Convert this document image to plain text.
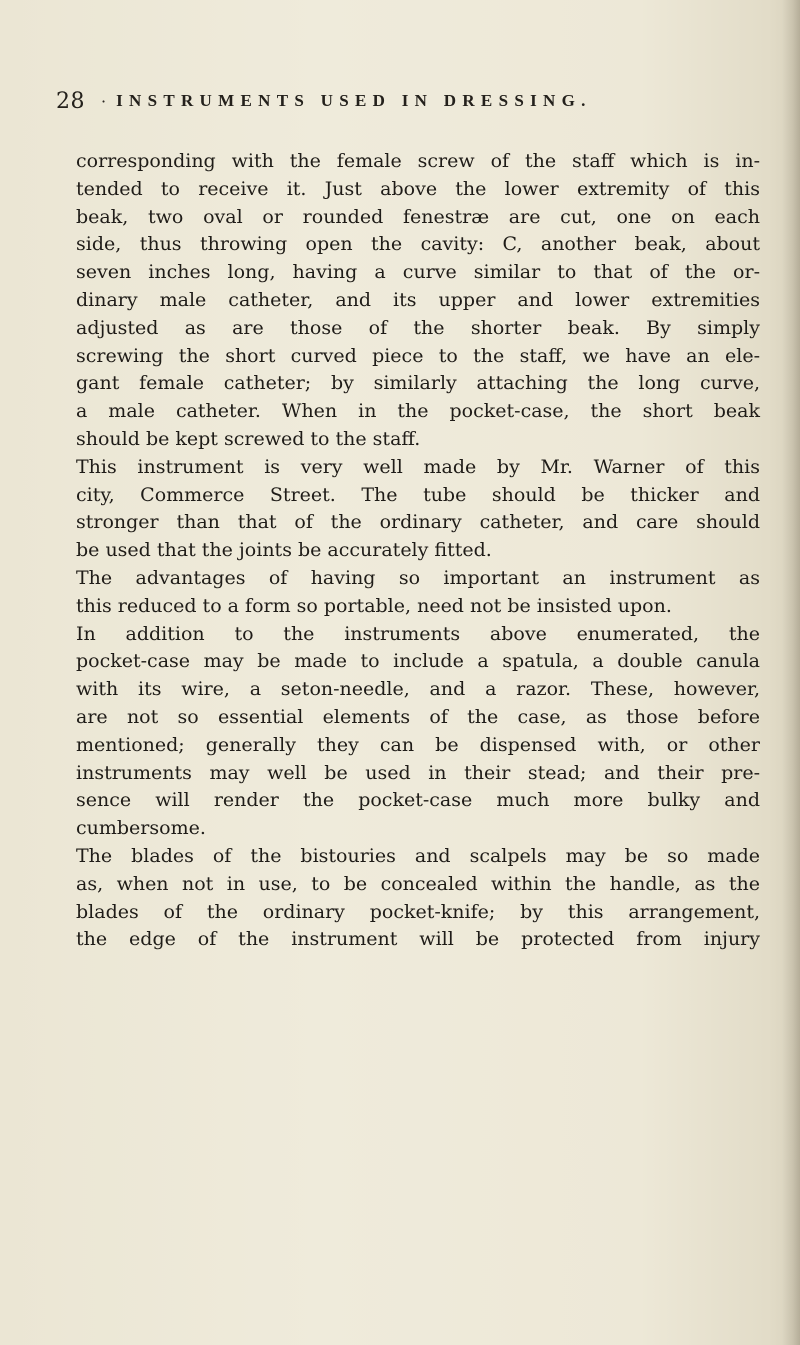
28 · INSTRUMENTS USED IN DRESSING.
corresponding with the female screw of the staff which is in-
tended to receive it. Just above the lower extremity of this
beak, two oval or rounded fenestræ are cut, one on each
side, thus throwing open the cavity: C, another beak, about
seven inches long, having a curve similar to that of the or-
dinary male catheter, and its upper and lower extremities
adjusted as are those of the shorter beak. By simply
screwing the short curved piece to the staff, we have an ele-
gant female catheter; by similarly attaching the long curve,
a male catheter. When in the pocket-case, the short beak
should be kept screwed to the staff.
This instrument is very well made by Mr. Warner of this
city, Commerce Street. The tube should be thicker and
stronger than that of the ordinary catheter, and care should
be used that the joints be accurately fitted.
The advantages of having so important an instrument as
this reduced to a form so portable, need not be insisted upon.
In addition to the instruments above enumerated, the
pocket-case may be made to include a spatula, a double canula
with its wire, a seton-needle, and a razor. These, however,
are not so essential elements of the case, as those before
mentioned; generally they can be dispensed with, or other
instruments may well be used in their stead; and their pre-
sence will render the pocket-case much more bulky and
cumbersome.
The blades of the bistouries and scalpels may be so made
as, when not in use, to be concealed within the handle, as the
blades of the ordinary pocket-knife; by this arrangement,
the edge of the instrument will be protected from injury
